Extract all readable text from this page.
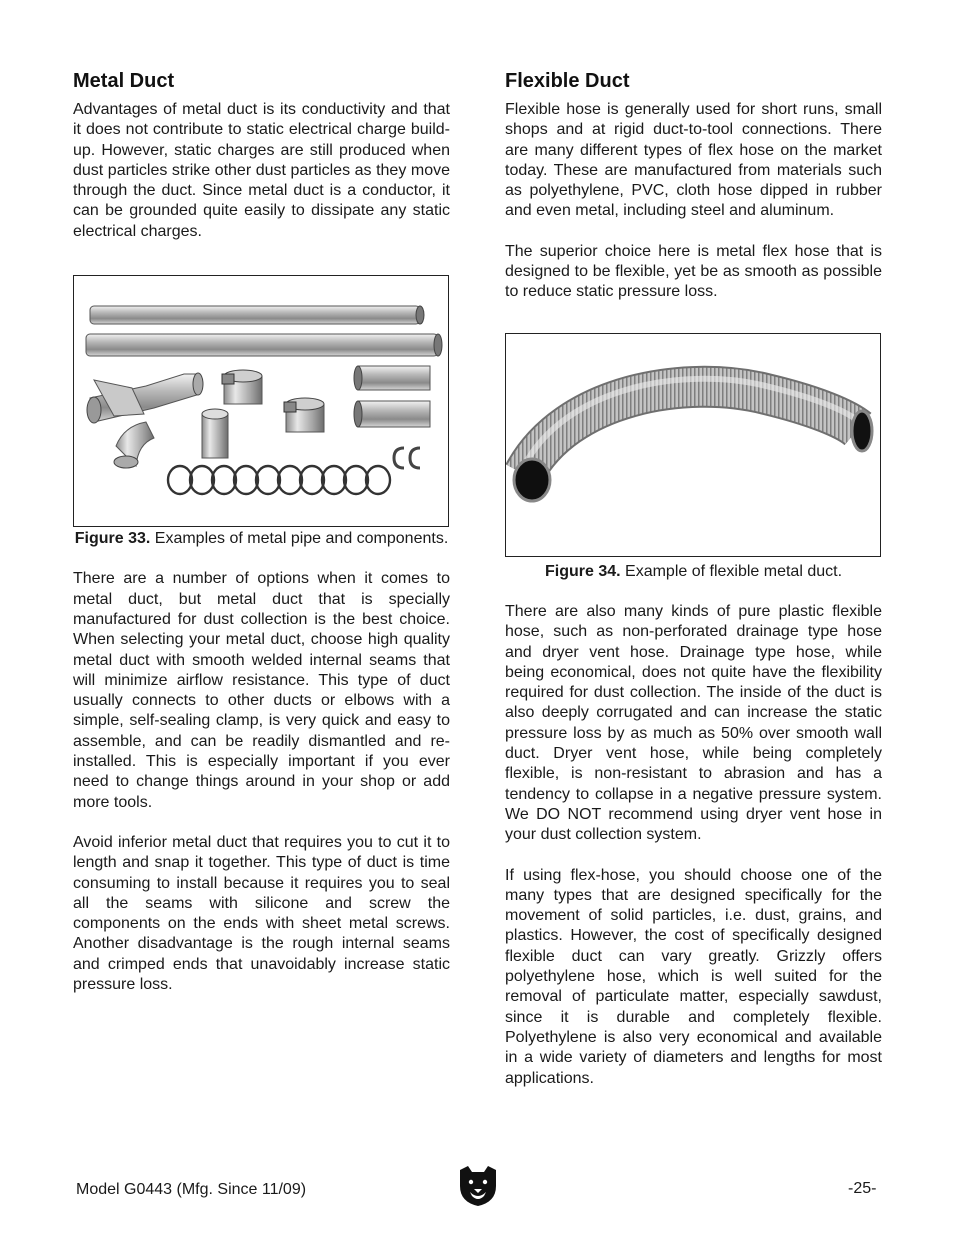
Metal Duct

Advantages of metal duct is its conductivity and that it does not contribute to static electrical charge build-up. However, static charges are still produced when dust particles strike other dust particles as they move through the duct. Since metal duct is a conductor, it can be grounded quite easily to dissipate any static electrical charges.

Figure 33. Examples of metal pipe and components.

There are a number of options when it comes to metal duct, but metal duct that is specially manufactured for dust collection is the best choice. When selecting your metal duct, choose high quality metal duct with smooth welded internal seams that will minimize airflow resistance. This type of duct usually connects to other ducts or elbows with a simple, self-sealing clamp, is very quick and easy to assemble, and can be readily dismantled and re-installed. This is especially important if you ever need to change things around in your shop or add more tools.

Avoid inferior metal duct that requires you to cut it to length and snap it together. This type of duct is time consuming to install because it requires you to seal all the seams with silicone and screw the components on the ends with sheet metal screws. Another disadvantage is the rough internal seams and crimped ends that unavoidably increase static pressure loss.

Flexible Duct

Flexible hose is generally used for short runs, small shops and at rigid duct-to-tool connections. There are many different types of flex hose on the market today. These are manufactured from materials such as polyethylene, PVC, cloth hose dipped in rubber and even metal, including steel and aluminum.

The superior choice here is metal flex hose that is designed to be flexible, yet be as smooth as possible to reduce static pressure loss.

Figure 34. Example of flexible metal duct.

There are also many kinds of pure plastic flexible hose, such as non-perforated drainage type hose and dryer vent hose. Drainage type hose, while being economical, does not quite have the flexibility required for dust collection. The inside of the duct is also deeply corrugated and can increase the static pressure loss by as much as 50% over smooth wall duct. Dryer vent hose, while being completely flexible, is non-resistant to abrasion and has a tendency to collapse in a negative pressure system. We DO NOT recommend using dryer vent hose in your dust collection system.

If using flex-hose, you should choose one of the many types that are designed specifically for the movement of solid particles, i.e. dust, grains, and plastics. However, the cost of specifically designed flexible duct can vary greatly. Grizzly offers polyethylene hose, which is well suited for the removal of particulate matter, especially sawdust, since it is durable and completely flexible. Polyethylene is also very economical and available in a wide variety of diameters and lengths for most applications.

Model G0443 (Mfg. Since 11/09)	-25-
